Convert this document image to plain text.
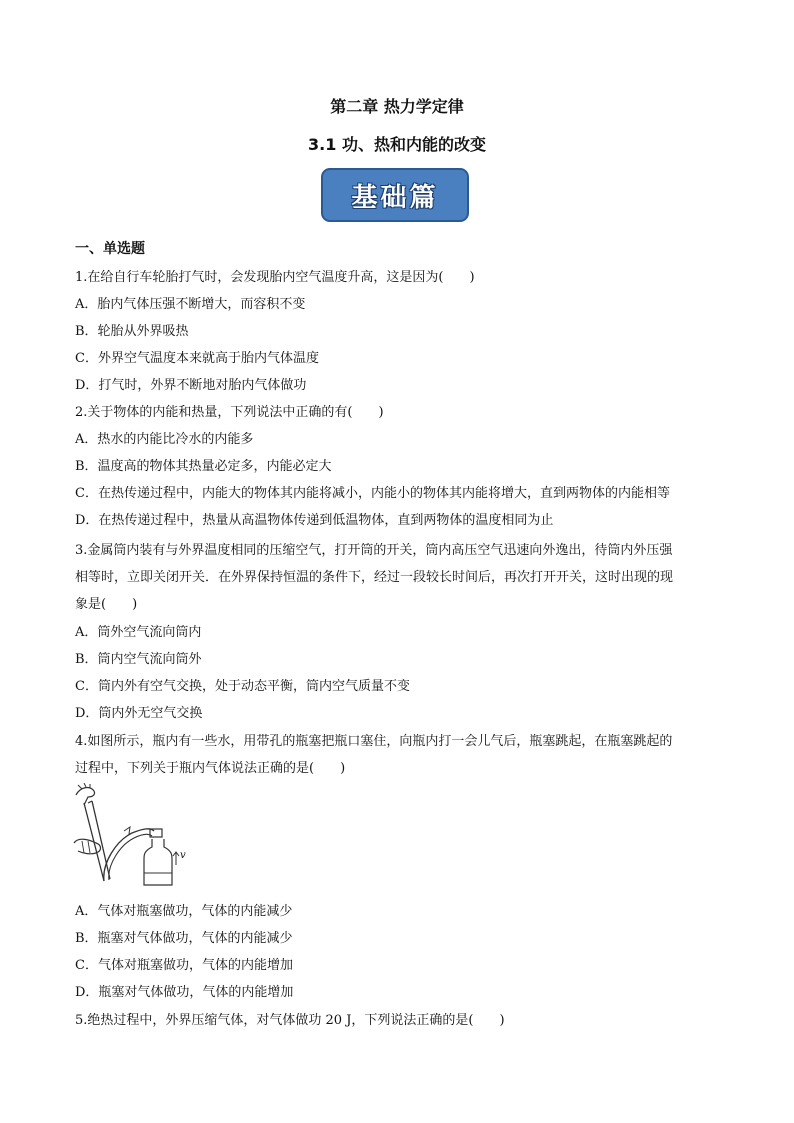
第二章 热力学定律
3.1 功、热和内能的改变
基础篇
一、单选题
1.在给自行车轮胎打气时，会发现胎内空气温度升高，这是因为(　　)
A．胎内气体压强不断增大，而容积不变
B．轮胎从外界吸热
C．外界空气温度本来就高于胎内气体温度
D．打气时，外界不断地对胎内气体做功
2.关于物体的内能和热量，下列说法中正确的有(　　)
A．热水的内能比冷水的内能多
B．温度高的物体其热量必定多，内能必定大
C．在热传递过程中，内能大的物体其内能将减小，内能小的物体其内能将增大，直到两物体的内能相等
D．在热传递过程中，热量从高温物体传递到低温物体，直到两物体的温度相同为止
3.金属筒内装有与外界温度相同的压缩空气，打开筒的开关，筒内高压空气迅速向外逸出，待筒内外压强
相等时，立即关闭开关．在外界保持恒温的条件下，经过一段较长时间后，再次打开开关，这时出现的现
象是(　　)
A．筒外空气流向筒内
B．筒内空气流向筒外
C．筒内外有空气交换，处于动态平衡，筒内空气质量不变
D．筒内外无空气交换
4.如图所示，瓶内有一些水，用带孔的瓶塞把瓶口塞住，向瓶内打一会儿气后，瓶塞跳起，在瓶塞跳起的
过程中，下列关于瓶内气体说法正确的是(　　)
v
A．气体对瓶塞做功，气体的内能减少
B．瓶塞对气体做功，气体的内能减少
C．气体对瓶塞做功，气体的内能增加
D．瓶塞对气体做功，气体的内能增加
5.绝热过程中，外界压缩气体，对气体做功 20 J，下列说法正确的是(　　)
